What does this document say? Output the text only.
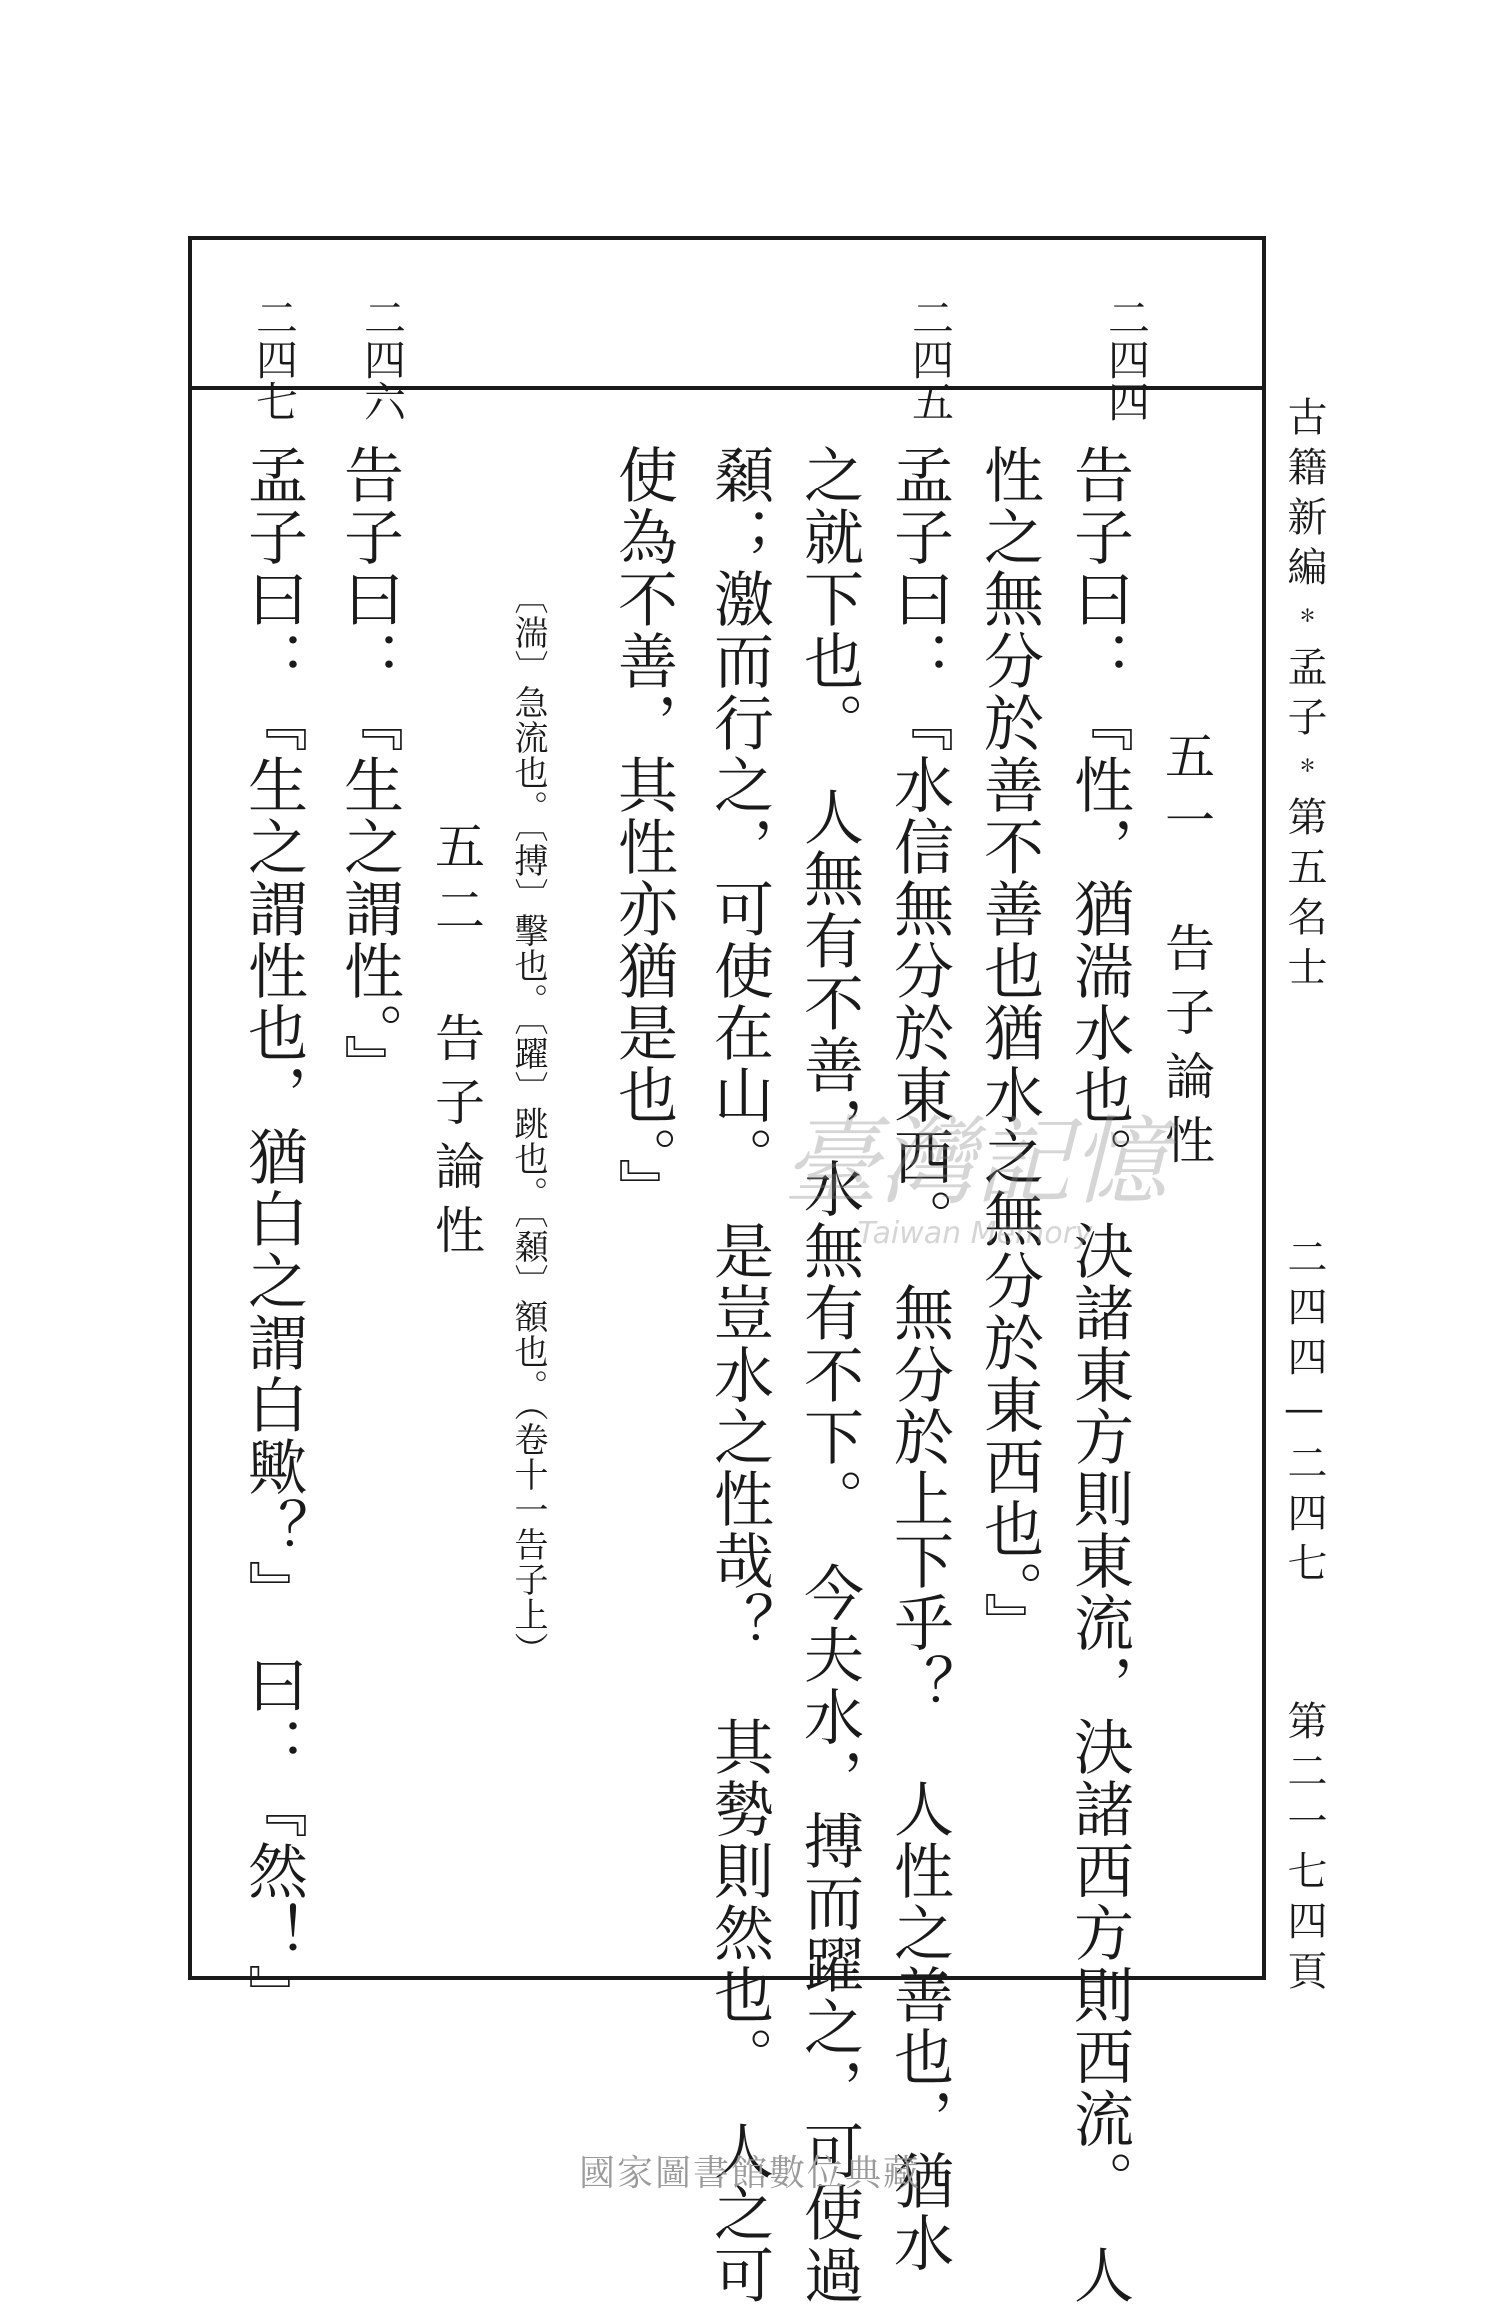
二四四
二四五
二四六
二四七
五一　告子論性
告子曰：『性，猶湍水也。　決諸東方則東流，決諸西方則西流。　人
性之無分於善不善也猶水之無分於東西也。』
孟子曰：『水信無分於東西。　無分於上下乎？　人性之善也，猶水
之就下也。　人無有不善，水無有不下。　今夫水，搏而躍之，可使過
顙；激而行之，可使在山。　是豈水之性哉？　其勢則然也。　人之可
使為不善，其性亦猶是也。』
〔湍〕急流也。〔搏〕擊也。〔躍〕跳也。〔顙〕額也。（卷十一告子上）
五二　告子論性
告子曰：『生之謂性。』
孟子曰：『生之謂性也，猶白之謂白歟？』　曰：『然！』	古籍新編﹡孟子﹡第五名士
二四四—二四七
第二一七四頁
臺灣記憶
Taiwan Memory
國家圖書館數位典藏
